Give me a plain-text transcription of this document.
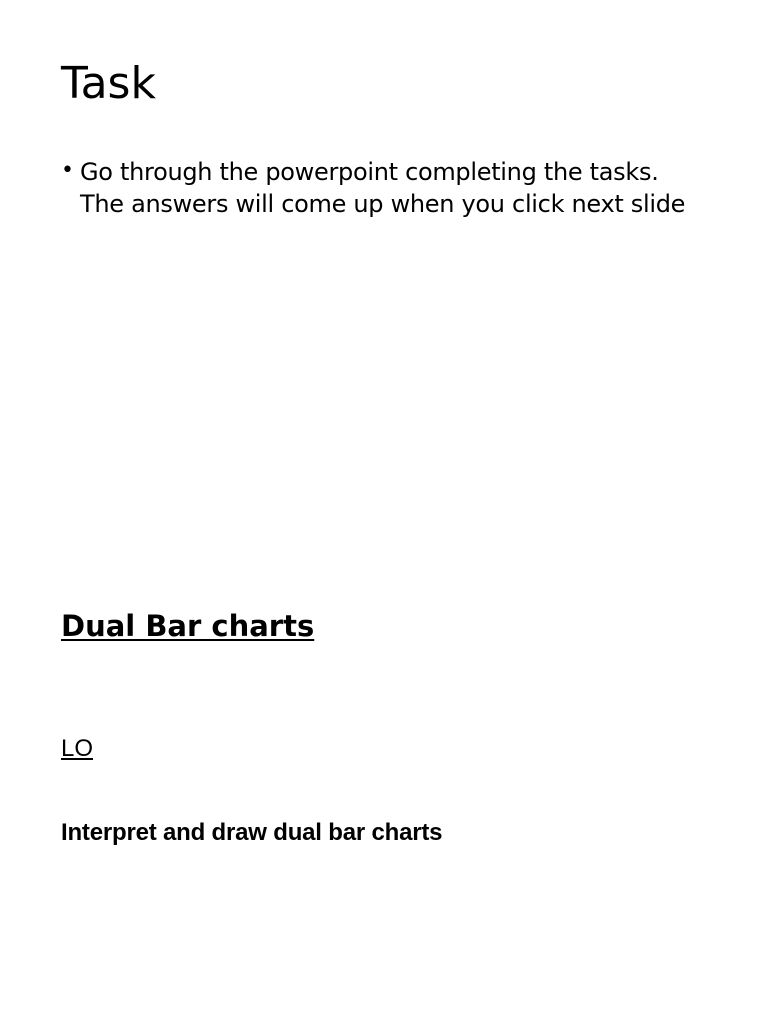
Task
• Go through the powerpoint completing the tasks.
The answers will come up when you click next slide
Dual Bar charts

LO

Interpret and draw dual bar charts
